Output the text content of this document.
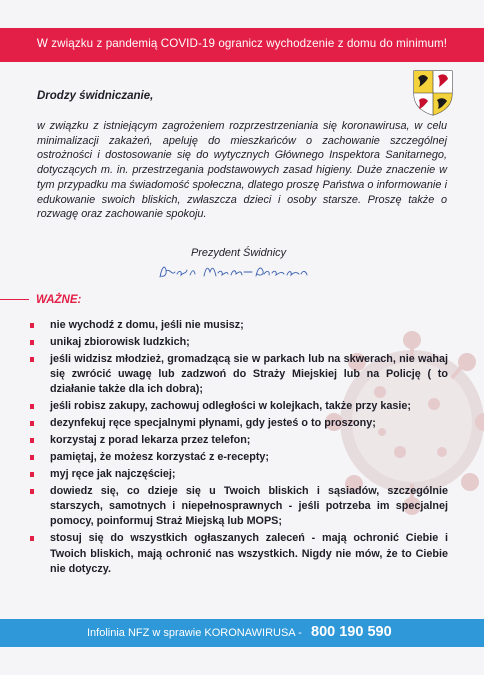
W związku z pandemią COVID-19 ogranicz wychodzenie z domu do minimum!
Drodzy świdniczanie,

w związku z istniejącym zagrożeniem rozprzestrzeniania się koronawirusa, w celu minimalizacji zakażeń, apeluję do mieszkańców o zachowanie szczególnej ostrożności i dostosowanie się do wytycznych Głównego Inspektora Sanitarnego, dotyczących m. in. przestrzegania podstawowych zasad higieny. Duże znaczenie w tym przypadku ma świadomość społeczna, dlatego proszę Państwa o informowanie i edukowanie swoich bliskich, zwłaszcza dzieci i osoby starsze. Proszę także o rozwagę oraz zachowanie spokoju.

Prezydent Świdnicy
WAŻNE:
nie wychodź z domu, jeśli nie musisz;
unikaj zbiorowisk ludzkich;
jeśli widzisz młodzież, gromadzącą sie w parkach lub na skwerach, nie wahaj się zwrócić uwagę lub zadzwoń do Straży Miejskiej lub na Policję ( to działanie także dla ich dobra);
jeśli robisz zakupy, zachowuj odległości w kolejkach, także przy kasie;
dezynfekuj ręce specjalnymi płynami, gdy jesteś o to proszony;
korzystaj z porad lekarza przez telefon;
pamiętaj, że możesz korzystać z e-recepty;
myj ręce jak najczęściej;
dowiedz się, co dzieje się u Twoich bliskich i sąsiadów, szczególnie starszych, samotnych i niepełnosprawnych - jeśli potrzeba im specjalnej pomocy, poinformuj Straż Miejską lub MOPS;
stosuj się do wszystkich ogłaszanych zaleceń - mają ochronić Ciebie i Twoich bliskich, mają ochronić nas wszystkich. Nigdy nie mów, że to Ciebie nie dotyczy.
Infolinia NFZ w sprawie KORONAWIRUSA - 800 190 590
